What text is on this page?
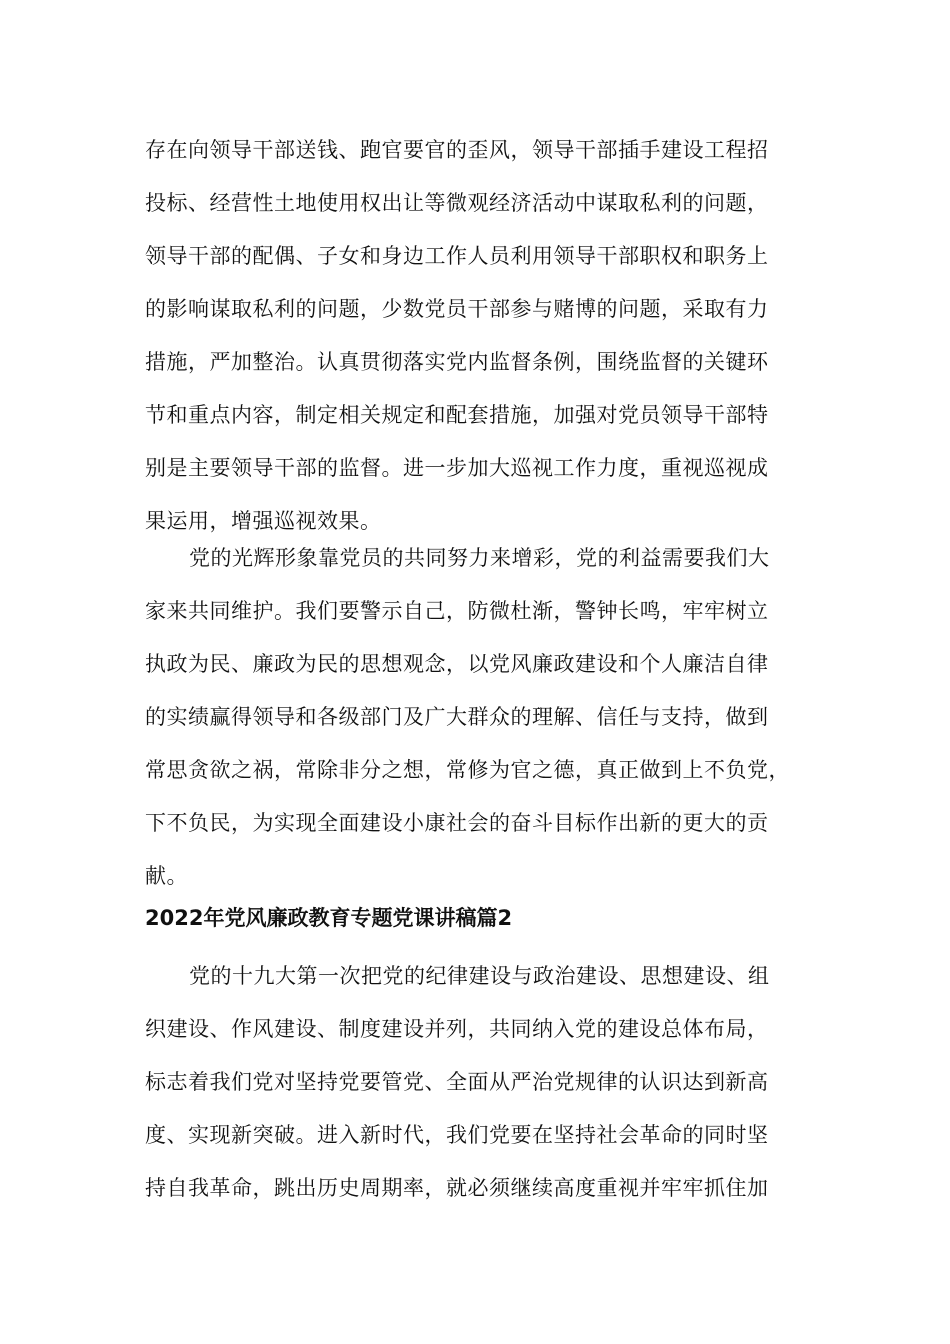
存在向领导干部送钱、跑官要官的歪风，领导干部插手建设工程招
投标、经营性土地使用权出让等微观经济活动中谋取私利的问题，
领导干部的配偶、子女和身边工作人员利用领导干部职权和职务上
的影响谋取私利的问题，少数党员干部参与赌博的问题，采取有力
措施，严加整治。认真贯彻落实党内监督条例，围绕监督的关键环
节和重点内容，制定相关规定和配套措施，加强对党员领导干部特
别是主要领导干部的监督。进一步加大巡视工作力度，重视巡视成
果运用，增强巡视效果。
党的光辉形象靠党员的共同努力来增彩，党的利益需要我们大
家来共同维护。我们要警示自己，防微杜渐，警钟长鸣，牢牢树立
执政为民、廉政为民的思想观念，以党风廉政建设和个人廉洁自律
的实绩赢得领导和各级部门及广大群众的理解、信任与支持，做到
常思贪欲之祸，常除非分之想，常修为官之德，真正做到上不负党，
下不负民，为实现全面建设小康社会的奋斗目标作出新的更大的贡
献。
2022年党风廉政教育专题党课讲稿篇2
党的十九大第一次把党的纪律建设与政治建设、思想建设、组
织建设、作风建设、制度建设并列，共同纳入党的建设总体布局，
标志着我们党对坚持党要管党、全面从严治党规律的认识达到新高
度、实现新突破。进入新时代，我们党要在坚持社会革命的同时坚
持自我革命，跳出历史周期率，就必须继续高度重视并牢牢抓住加
